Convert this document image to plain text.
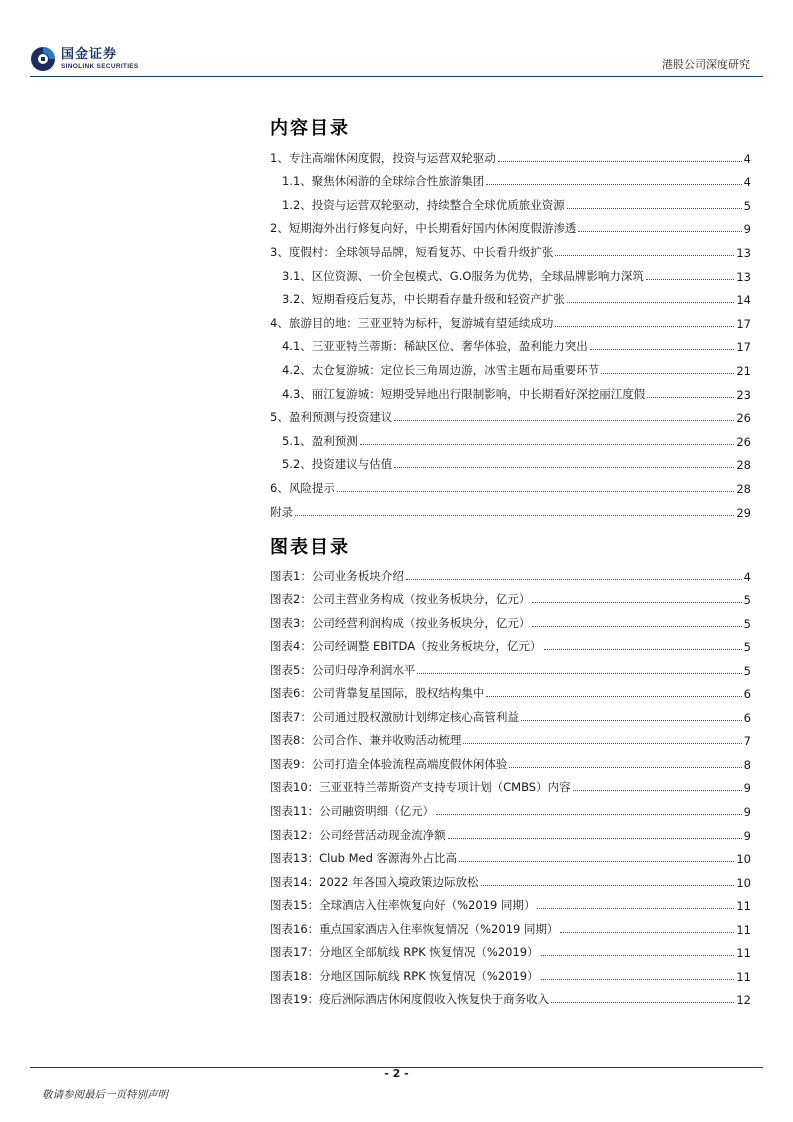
国金证券
SINOLINK SECURITIES	港股公司深度研究
内容目录
1、专注高端休闲度假，投资与运营双轮驱动	4
1.1、聚焦休闲游的全球综合性旅游集团	4
1.2、投资与运营双轮驱动，持续整合全球优质旅业资源	5
2、短期海外出行修复向好，中长期看好国内休闲度假游渗透	9
3、度假村：全球领导品牌，短看复苏、中长看升级扩张	13
3.1、区位资源、一价全包模式、G.O服务为优势，全球品牌影响力深筑	13
3.2、短期看疫后复苏，中长期看存量升级和轻资产扩张	14
4、旅游目的地：三亚亚特为标杆，复游城有望延续成功	17
4.1、三亚亚特兰蒂斯：稀缺区位、奢华体验，盈利能力突出	17
4.2、太仓复游城：定位长三角周边游，冰雪主题布局重要环节	21
4.3、丽江复游城：短期受异地出行限制影响，中长期看好深挖丽江度假	23
5、盈利预测与投资建议	26
5.1、盈利预测	26
5.2、投资建议与估值	28
6、风险提示	28
附录	29
图表目录
图表1：公司业务板块介绍	4
图表2：公司主营业务构成（按业务板块分，亿元）	5
图表3：公司经营利润构成（按业务板块分，亿元）	5
图表4：公司经调整 EBITDA（按业务板块分，亿元）	5
图表5：公司归母净利润水平	5
图表6：公司背靠复星国际，股权结构集中	6
图表7：公司通过股权激励计划绑定核心高管利益	6
图表8：公司合作、兼并收购活动梳理	7
图表9：公司打造全体验流程高端度假休闲体验	8
图表10：三亚亚特兰蒂斯资产支持专项计划（CMBS）内容	9
图表11：公司融资明细（亿元）	9
图表12：公司经营活动现金流净额	9
图表13：Club Med 客源海外占比高	10
图表14：2022 年各国入境政策边际放松	10
图表15：全球酒店入住率恢复向好（%2019 同期）	11
图表16：重点国家酒店入住率恢复情况（%2019 同期）	11
图表17：分地区全部航线 RPK 恢复情况（%2019）	11
图表18：分地区国际航线 RPK 恢复情况（%2019）	11
图表19：疫后洲际酒店休闲度假收入恢复快于商务收入	12
- 2 -
敬请参阅最后一页特别声明
